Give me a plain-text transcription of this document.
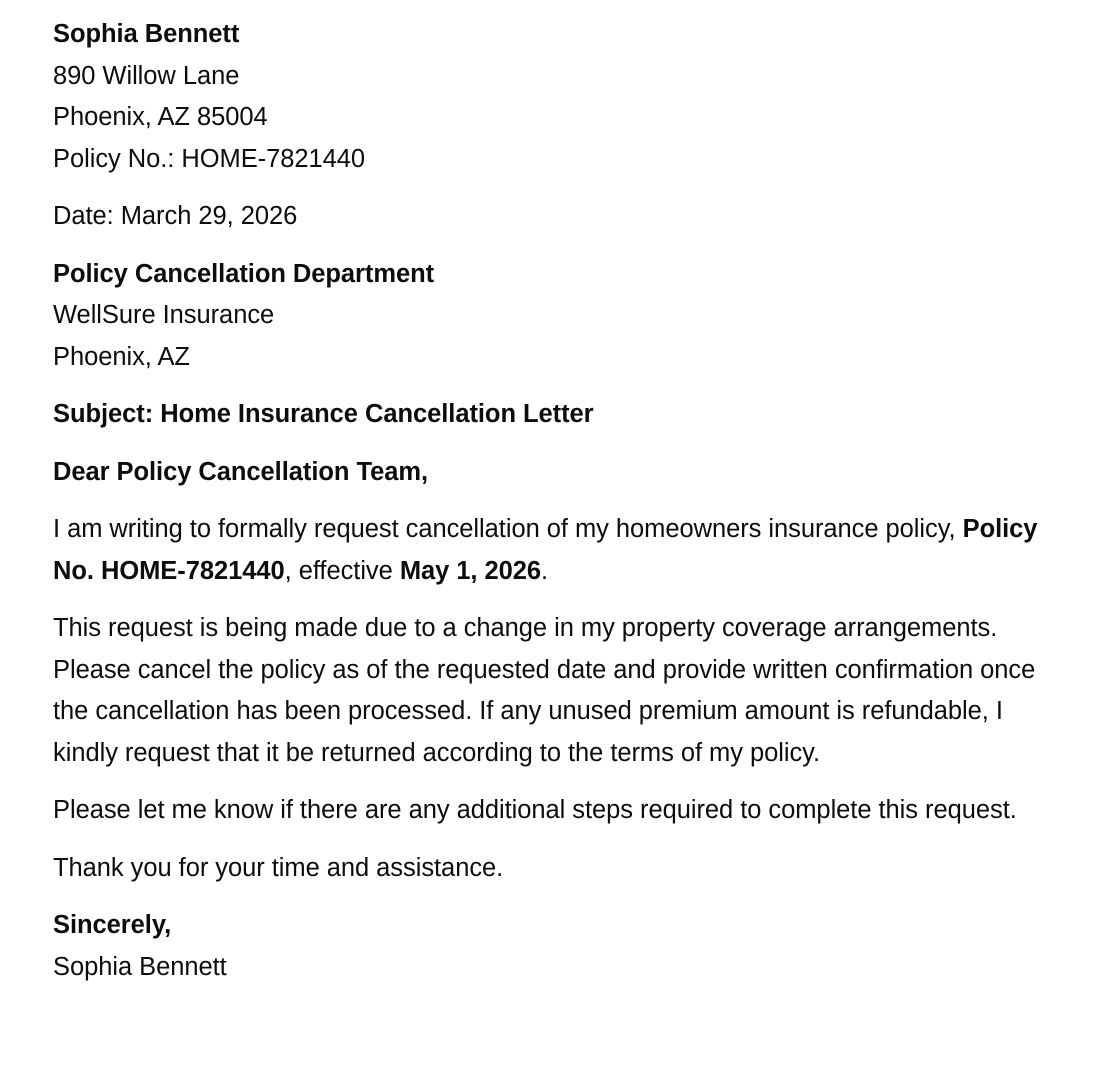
Sophia Bennett
890 Willow Lane
Phoenix, AZ 85004
Policy No.: HOME-7821440
Date: March 29, 2026
Policy Cancellation Department
WellSure Insurance
Phoenix, AZ
Subject: Home Insurance Cancellation Letter
Dear Policy Cancellation Team,

I am writing to formally request cancellation of my homeowners insurance policy, Policy No. HOME-7821440, effective May 1, 2026.

This request is being made due to a change in my property coverage arrangements. Please cancel the policy as of the requested date and provide written confirmation once the cancellation has been processed. If any unused premium amount is refundable, I kindly request that it be returned according to the terms of my policy.

Please let me know if there are any additional steps required to complete this request.

Thank you for your time and assistance.

Sincerely,
Sophia Bennett
